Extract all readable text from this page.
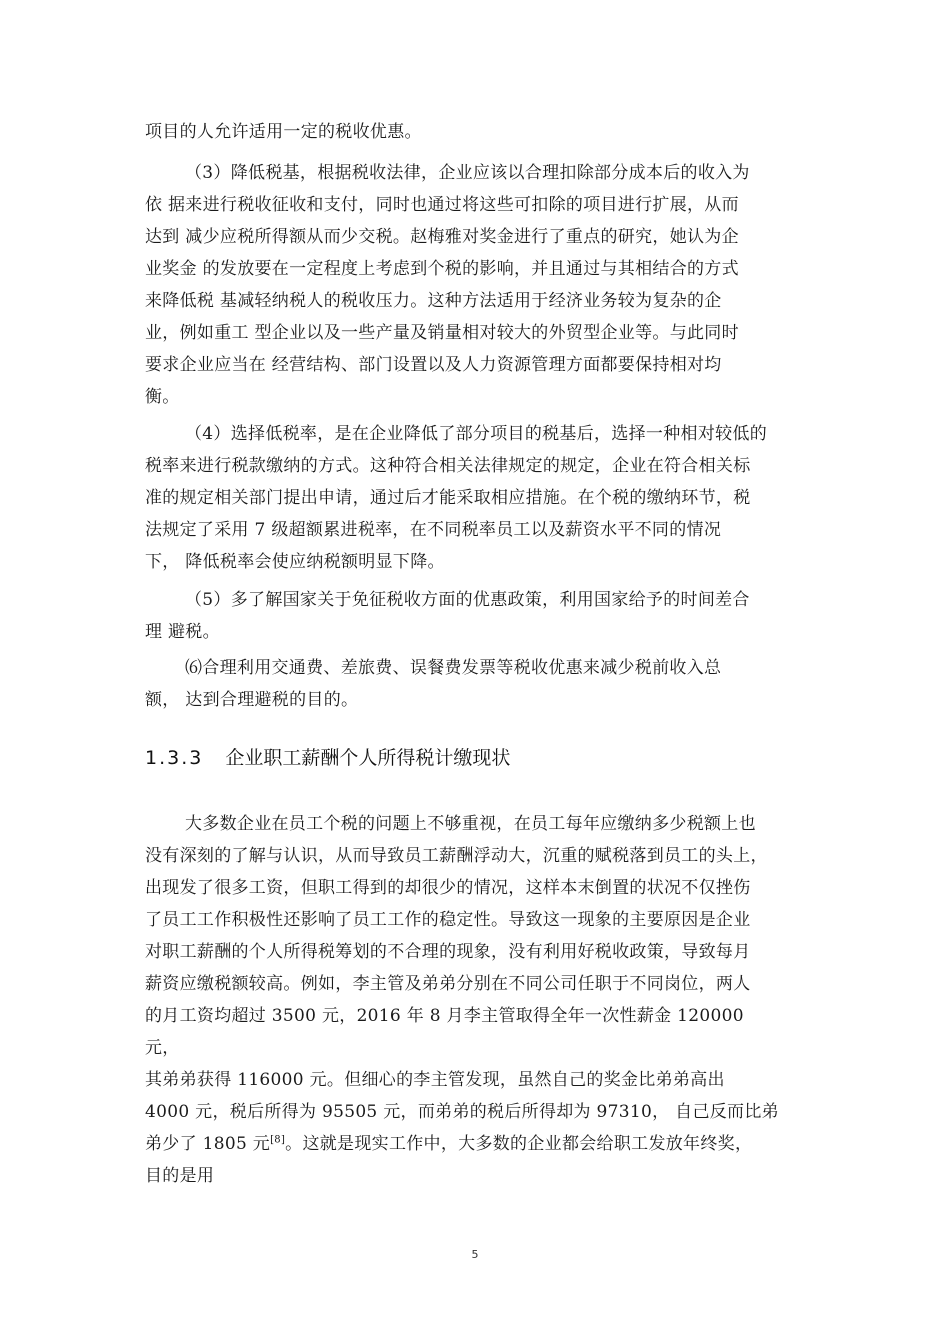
项目的人允许适用一定的税收优惠。
（3）降低税基，根据税收法律，企业应该以合理扣除部分成本后的收入为
依 据来进行税收征收和支付，同时也通过将这些可扣除的项目进行扩展，从而
达到 减少应税所得额从而少交税。赵梅雅对奖金进行了重点的研究，她认为企
业奖金 的发放要在一定程度上考虑到个税的影响，并且通过与其相结合的方式
来降低税 基减轻纳税人的税收压力。这种方法适用于经济业务较为复杂的企
业，例如重工 型企业以及一些产量及销量相对较大的外贸型企业等。与此同时
要求企业应当在 经营结构、部门设置以及人力资源管理方面都要保持相对均
衡。
（4）选择低税率，是在企业降低了部分项目的税基后，选择一种相对较低的
税率来进行税款缴纳的方式。这种符合相关法律规定的规定，企业在符合相关标
准的规定相关部门提出申请，通过后才能采取相应措施。在个税的缴纳环节，税
法规定了采用 7 级超额累进税率，在不同税率员工以及薪资水平不同的情况
下， 降低税率会使应纳税额明显下降。
（5）多了解国家关于免征税收方面的优惠政策，利用国家给予的时间差合
理 避税。
⑹合理利用交通费、差旅费、误餐费发票等税收优惠来减少税前收入总
额， 达到合理避税的目的。
1.3.3 企业职工薪酬个人所得税计缴现状
大多数企业在员工个税的问题上不够重视，在员工每年应缴纳多少税额上也
没有深刻的了解与认识，从而导致员工薪酬浮动大，沉重的赋税落到员工的头上，
出现发了很多工资，但职工得到的却很少的情况，这样本末倒置的状况不仅挫伤
了员工工作积极性还影响了员工工作的稳定性。导致这一现象的主要原因是企业
对职工薪酬的个人所得税筹划的不合理的现象，没有利用好税收政策，导致每月
薪资应缴税额较高。例如，李主管及弟弟分别在不同公司任职于不同岗位，两人
的月工资均超过 3500 元，2016 年 8 月李主管取得全年一次性薪金 120000
元，
其弟弟获得 116000 元。但细心的李主管发现，虽然自己的奖金比弟弟高出
4000 元，税后所得为 95505 元，而弟弟的税后所得却为 97310， 自己反而比弟
弟少了 1805 元[8]。这就是现实工作中，大多数的企业都会给职工发放年终奖，
目的是用
5
